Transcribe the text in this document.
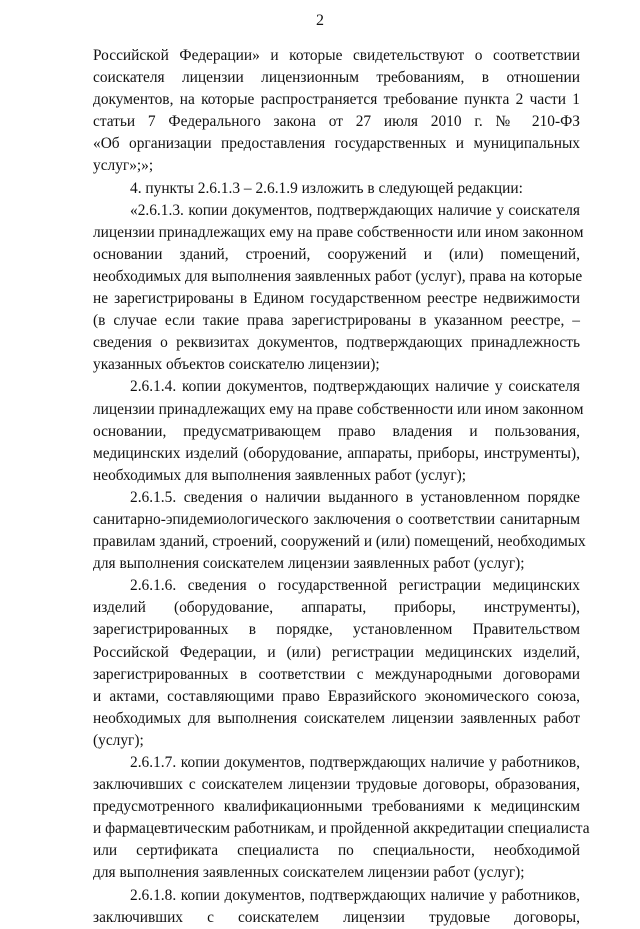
2
Российской Федерации» и которые свидетельствуют о соответствии
соискателя лицензии лицензионным требованиям, в отношении
документов, на которые распространяется требование пункта 2 части 1
статьи 7 Федерального закона от 27 июля 2010 г. № 210-ФЗ
«Об организации предоставления государственных и муниципальных
услуг»;»;
4. пункты 2.6.1.3 – 2.6.1.9 изложить в следующей редакции:
«2.6.1.3. копии документов, подтверждающих наличие у соискателя
лицензии принадлежащих ему на праве собственности или ином законном
основании зданий, строений, сооружений и (или) помещений,
необходимых для выполнения заявленных работ (услуг), права на которые
не зарегистрированы в Едином государственном реестре недвижимости
(в случае если такие права зарегистрированы в указанном реестре, –
сведения о реквизитах документов, подтверждающих принадлежность
указанных объектов соискателю лицензии);
2.6.1.4. копии документов, подтверждающих наличие у соискателя
лицензии принадлежащих ему на праве собственности или ином законном
основании, предусматривающем право владения и пользования,
медицинских изделий (оборудование, аппараты, приборы, инструменты),
необходимых для выполнения заявленных работ (услуг);
2.6.1.5. сведения о наличии выданного в установленном порядке
санитарно-эпидемиологического заключения о соответствии санитарным
правилам зданий, строений, сооружений и (или) помещений, необходимых
для выполнения соискателем лицензии заявленных работ (услуг);
2.6.1.6. сведения о государственной регистрации медицинских
изделий (оборудование, аппараты, приборы, инструменты),
зарегистрированных в порядке, установленном Правительством
Российской Федерации, и (или) регистрации медицинских изделий,
зарегистрированных в соответствии с международными договорами
и актами, составляющими право Евразийского экономического союза,
необходимых для выполнения соискателем лицензии заявленных работ
(услуг);
2.6.1.7. копии документов, подтверждающих наличие у работников,
заключивших с соискателем лицензии трудовые договоры, образования,
предусмотренного квалификационными требованиями к медицинским
и фармацевтическим работникам, и пройденной аккредитации специалиста
или сертификата специалиста по специальности, необходимой
для выполнения заявленных соискателем лицензии работ (услуг);
2.6.1.8. копии документов, подтверждающих наличие у работников,
заключивших с соискателем лицензии трудовые договоры,
